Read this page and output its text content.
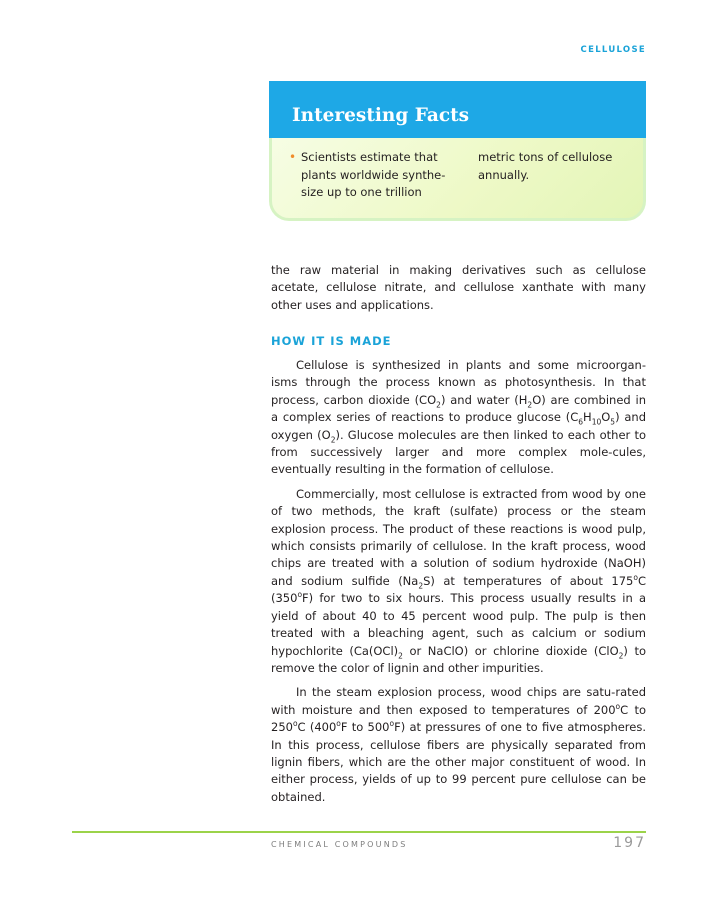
CELLULOSE
Interesting Facts
• Scientists estimate that
plants worldwide synthe-
size up to one trillion
metric tons of cellulose
annually.

the raw material in making derivatives such as cellulose

acetate, cellulose nitrate, and cellulose xanthate with many

other uses and applications.

HOW IT IS MADE

Cellulose is synthesized in plants and some microorgan-isms through the process known as photosynthesis. In that process, carbon dioxide $(CO_2)$ and water $(H_2O)$ are combined in a complex series of reactions to produce glucose $(C_6H_{10}O_5)$ and oxygen $(O_2)$. Glucose molecules are then linked to each other to from successively larger and more complex mole-cules, eventually resulting in the formation of cellulose.

Commercially, most cellulose is extracted from wood by one of two methods, the kraft (sulfate) process or the steam explosion process. The product of these reactions is wood pulp, which consists primarily of cellulose. In the kraft process, wood chips are treated with a solution of sodium hydroxide (NaOH) and sodium sulfide $(Na_2S)$ at temperatures of about 175$^o$C (350$^o$F) for two to six hours. This process usually results in a yield of about 40 to 45 percent wood pulp. The pulp is then treated with a bleaching agent, such as calcium or sodium hypochlorite ($Ca(OCl)_2$ or NaClO) or chlorine dioxide (ClO$_2$) to remove the color of lignin and other impurities.

In the steam explosion process, wood chips are satu-rated with moisture and then exposed to temperatures of 200$^o$C to 250$^o$C (400$^o$F to 500$^o$F) at pressures of one to five atmospheres. In this process, cellulose fibers are physically separated from lignin fibers, which are the other major constituent of wood. In either process, yields of up to 99 percent pure cellulose can be obtained.

CHEMICAL COMPOUNDS	197
